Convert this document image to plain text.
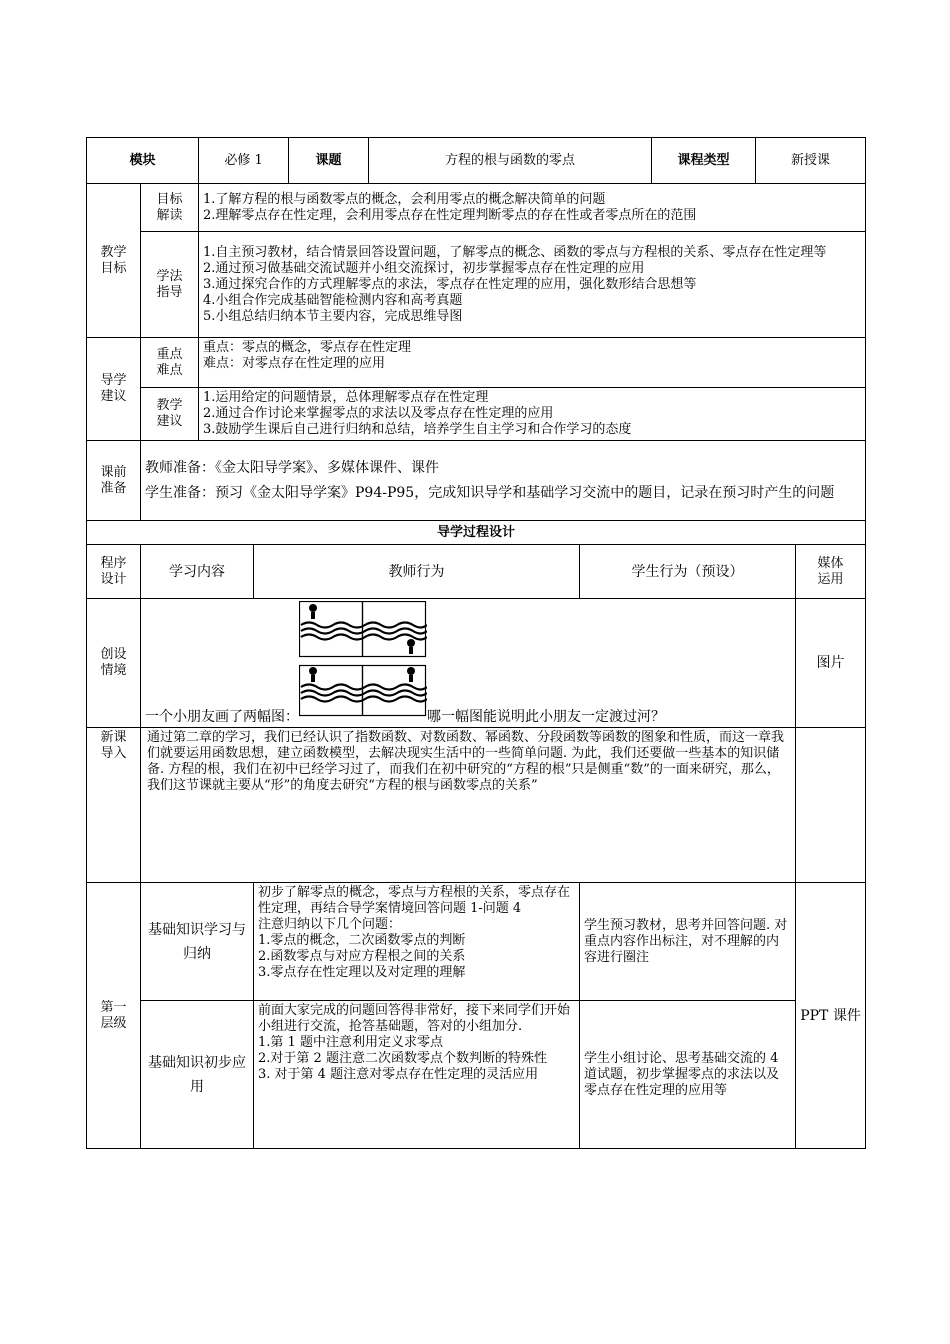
模块		必修 1	课题	方程的根与函数的零点	课程类型	新授课
教学目标	目标解读	1.了解方程的根与函数零点的概念，会利用零点的概念解决简单的问题
2.理解零点存在性定理，会利用零点存在性定理判断零点的存在性或者零点所在的范围				

	学法指导	1.自主预习教材，结合情景回答设置问题，了解零点的概念、函数的零点与方程根的关系、零点存在性定理等
2.通过预习做基础交流试题并小组交流探讨，初步掌握零点存在性定理的应用
3.通过探究合作的方式理解零点的求法，零点存在性定理的应用，强化数形结合思想等
4.小组合作完成基础智能检测内容和高考真题
5.小组总结归纳本节主要内容，完成思维导图				

导学建议	重点难点	重点：零点的概念，零点存在性定理
难点：对零点存在性定理的应用				

	教学建议	1.运用给定的问题情景，总体理解零点存在性定理
2.通过合作讨论来掌握零点的求法以及零点存在性定理的应用
3.鼓励学生课后自己进行归纳和总结，培养学生自主学习和合作学习的态度				

课前准备	教师准备：《金太阳导学案》、多媒体课件、课件
学生准备：预习《金太阳导学案》P94-P95，完成知识导学和基础学习交流中的题目，记录在预习时产生的问题					
导学过程设计				
程序设计	学习内容	教师行为	学生行为（预设）	媒体运用
创设情境	一个小朋友画了两幅图： 哪一幅图能说明此小朋友一定渡过河？			图片
新课导入	通过第二章的学习，我们已经认识了指数函数、对数函数、幂函数、分段函数等函数的图象和性质，而这一章我们就要运用函数思想，建立函数模型，去解决现实生活中的一些简单问题. 为此，我们还要做一些基本的知识储备. 方程的根，我们在初中已经学习过了，而我们在初中研究的“方程的根”只是侧重“数”的一面来研究，那么，我们这节课就主要从“形”的角度去研究“方程的根与函数零点的关系”			
第一层级	基础知识学习与归纳	初步了解零点的概念，零点与方程根的关系，零点存在性定理，再结合导学案情境回答问题 1-问题 4
注意归纳以下几个问题：
1.零点的概念，二次函数零点的判断
2.函数零点与对应方程根之间的关系
3.零点存在性定理以及对定理的理解	学生预习教材，思考并回答问题. 对重点内容作出标注，对不理解的内容进行圈注	PPT 课件
	基础知识初步应用	前面大家完成的问题回答得非常好，接下来同学们开始小组进行交流，抢答基础题，答对的小组加分.
1.第 1 题中注意利用定义求零点
2.对于第 2 题注意二次函数零点个数判断的特殊性
3. 对于第 4 题注意对零点存在性定理的灵活应用	学生小组讨论、思考基础交流的 4 道试题，初步掌握零点的求法以及零点存在性定理的应用等	
